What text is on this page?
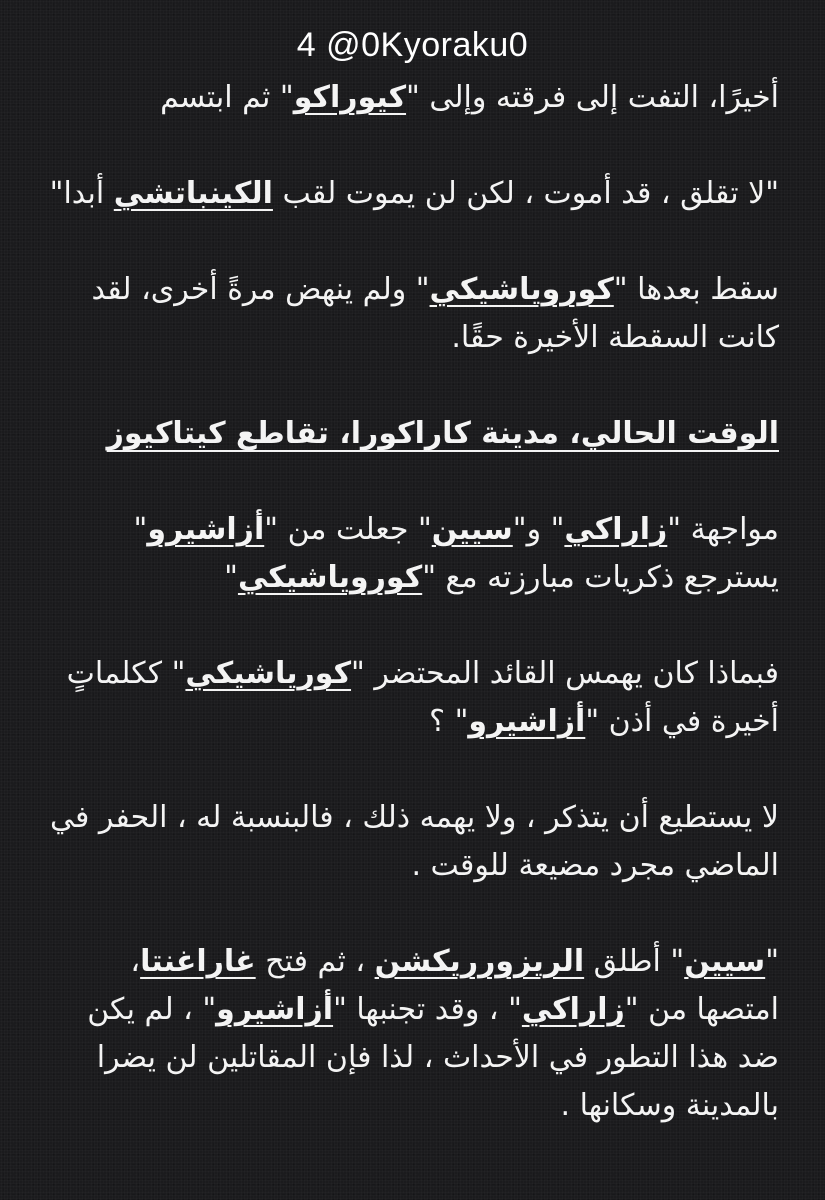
4 @0Kyoraku0

أخيرًا، التفت إلى فرقته وإلى "كيوراكو" ثم ابتسم

"لا تقلق ، قد أموت ، لكن لن يموت لقب الكينباتشي أبدا"

سقط بعدها "كورو‌ياشيكي" ولم ينهض مرةً أخرى، لقد كانت السقطة الأخيرة حقًا.

الوقت الحالي، مدينة كاراكورا، تقاطع كيتاكيوز

مواجهة "زاراكي" و"سيين" جعلت من "أزاشيرو" يسترجع ذكريات مبارزته مع "كورو‌ياشيكي"

فبماذا كان يهمس القائد المحتضر "كوريا‌شيكي" ككلماتٍ أخيرة في أذن "أزاشيرو" ؟

لا يستطيع أن يتذكر ، ولا يهمه ذلك ، فالبنسبة له ، الحفر في الماضي مجرد مضيعة للوقت .

"سيين" أطلق الريزورريكشن ، ثم فتح غاراغنتا، امتصها من "زاراكي" ، وقد تجنبها "أزاشيرو" ، لم يكن ضد هذا التطور في الأحداث ، لذا فإن المقاتلين لن يضرا بالمدينة وسكانها .
